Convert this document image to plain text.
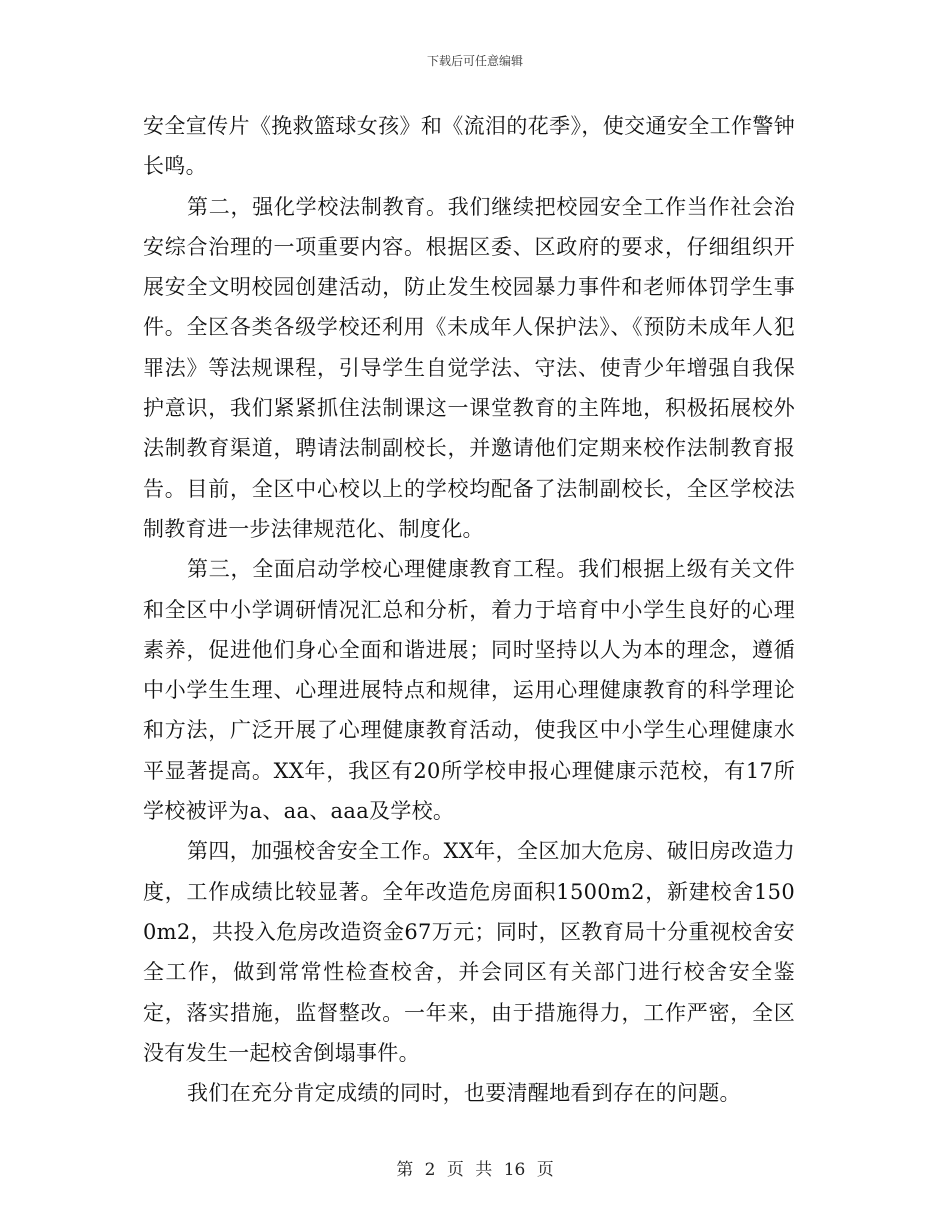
下载后可任意编辑

安全宣传片《挽救篮球女孩》和《流泪的花季》，使交通安全工作警钟长鸣。

第二，强化学校法制教育。我们继续把校园安全工作当作社会治安综合治理的一项重要内容。根据区委、区政府的要求，仔细组织开展安全文明校园创建活动，防止发生校园暴力事件和老师体罚学生事件。全区各类各级学校还利用《未成年人保护法》、《预防未成年人犯罪法》等法规课程，引导学生自觉学法、守法、使青少年增强自我保护意识，我们紧紧抓住法制课这一课堂教育的主阵地，积极拓展校外法制教育渠道，聘请法制副校长，并邀请他们定期来校作法制教育报告。目前，全区中心校以上的学校均配备了法制副校长，全区学校法制教育进一步法律规范化、制度化。

第三，全面启动学校心理健康教育工程。我们根据上级有关文件和全区中小学调研情况汇总和分析，着力于培育中小学生良好的心理素养，促进他们身心全面和谐进展；同时坚持以人为本的理念，遵循中小学生生理、心理进展特点和规律，运用心理健康教育的科学理论和方法，广泛开展了心理健康教育活动，使我区中小学生心理健康水平显著提高。XX年，我区有20所学校申报心理健康示范校，有17所学校被评为a、aa、aaa及学校。

第四，加强校舍安全工作。XX年，全区加大危房、破旧房改造力度，工作成绩比较显著。全年改造危房面积1500m2，新建校舍1500m2，共投入危房改造资金67万元；同时，区教育局十分重视校舍安全工作，做到常常性检查校舍，并会同区有关部门进行校舍安全鉴定，落实措施，监督整改。一年来，由于措施得力，工作严密，全区没有发生一起校舍倒塌事件。

我们在充分肯定成绩的同时，也要清醒地看到存在的问题。

第 2 页 共 16 页
